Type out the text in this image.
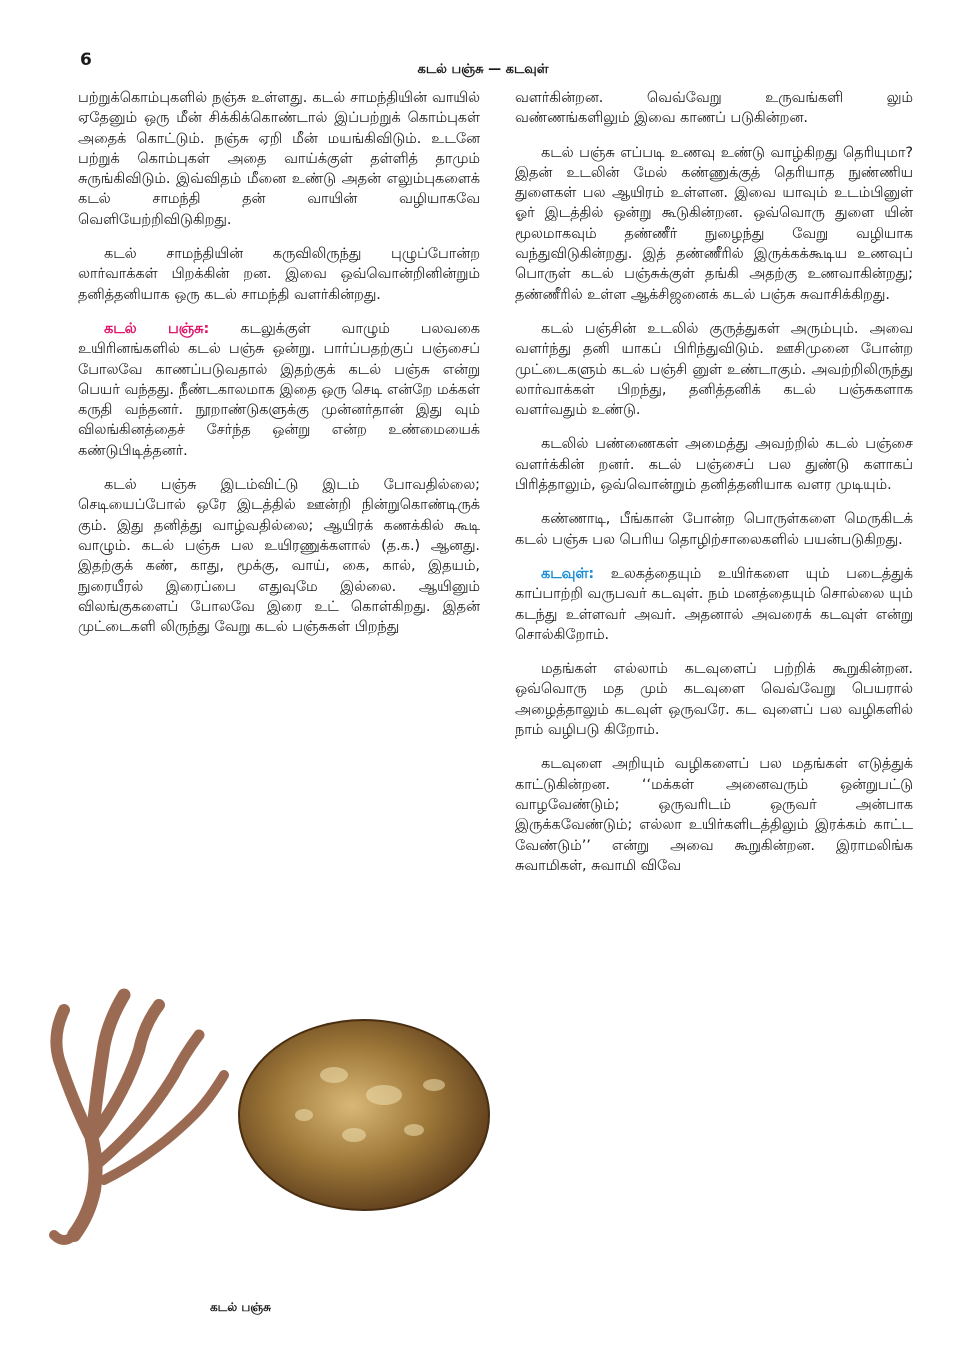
6	கடல் பஞ்சு — கடவுள்

பற்றுக்கொம்புகளில் நஞ்சு உள்ளது. கடல் சாமந்தியின் வாயில் ஏதேனும் ஒரு மீன் சிக்கிக்கொண்டால் இப்பற்றுக் கொம்புகள் அதைக் கொட்டும். நஞ்சு ஏறி மீன் மயங்கிவிடும். உடனே பற்றுக் கொம்புகள் அதை வாய்க்குள் தள்ளித் தாமும் சுருங்கிவிடும். இவ்விதம் மீனை உண்டு அதன் எலும்புகளைக் கடல் சாமந்தி தன் வாயின் வழியாகவே வெளியேற்றிவிடுகிறது.

கடல் சாமந்தியின் கருவிலிருந்து புழுப்போன்ற லார்வாக்கள் பிறக்கின் றன. இவை ஒவ்வொன்றினின்றும் தனித்தனியாக ஒரு கடல் சாமந்தி வளர்கின்றது.

கடல் பஞ்சு: கடலுக்குள் வாழும் பலவகை உயிரினங்களில் கடல் பஞ்சு ஒன்று. பார்ப்பதற்குப் பஞ்சைப் போலவே காணப்படுவதால் இதற்குக் கடல் பஞ்சு என்று பெயர் வந்தது. நீண்டகாலமாக இதை ஒரு செடி என்றே மக்கள் கருதி வந்தனர். நூறாண்டுகளுக்கு முன்னர்தான் இது வும் விலங்கினத்தைச் சேர்ந்த ஒன்று என்ற உண்மையைக் கண்டுபிடித்தனர்.

கடல் பஞ்சு இடம்விட்டு இடம் போவதில்லை; செடியைப்போல் ஒரே இடத்தில் ஊன்றி நின்றுகொண்டிருக் கும். இது தனித்து வாழ்வதில்லை; ஆயிரக் கணக்கில் கூடி வாழும். கடல் பஞ்சு பல உயிரணுக்களால் (த.க.) ஆனது. இதற்குக் கண், காது, மூக்கு, வாய், கை, கால், இதயம், நுரையீரல் இரைப்பை எதுவுமே இல்லை. ஆயினும் விலங்குகளைப் போலவே இரை உட் கொள்கிறது. இதன் முட்டைகளி லிருந்து வேறு கடல் பஞ்சுகள் பிறந்து

வளர்கின்றன. வெவ்வேறு உருவங்களி லும் வண்ணங்களிலும் இவை காணப் படுகின்றன.

கடல் பஞ்சு எப்படி உணவு உண்டு வாழ்கிறது தெரியுமா? இதன் உடலின் மேல் கண்ணுக்குத் தெரியாத நுண்ணிய துளைகள் பல ஆயிரம் உள்ளன. இவை யாவும் உடம்பினுள் ஓர் இடத்தில் ஒன்று கூடுகின்றன. ஒவ்வொரு துளை யின் மூலமாகவும் தண்ணீர் நுழைந்து வேறு வழியாக வந்துவிடுகின்றது. இத் தண்ணீரில் இருக்கக்கூடிய உணவுப் பொருள் கடல் பஞ்சுக்குள் தங்கி அதற்கு உணவாகின்றது; தண்ணீரில் உள்ள ஆக்சிஜனைக் கடல் பஞ்சு சுவாசிக்கிறது.

கடல் பஞ்சின் உடலில் குருத்துகள் அரும்பும். அவை வளர்ந்து தனி யாகப் பிரிந்துவிடும். ஊசிமுனை போன்ற முட்டைகளும் கடல் பஞ்சி னுள் உண்டாகும். அவற்றிலிருந்து லார்வாக்கள் பிறந்து, தனித்தனிக் கடல் பஞ்சுகளாக வளர்வதும் உண்டு.

கடலில் பண்ணைகள் அமைத்து அவற்றில் கடல் பஞ்சை வளர்க்கின் றனர். கடல் பஞ்சைப் பல துண்டு களாகப் பிரித்தாலும், ஒவ்வொன்றும் தனித்தனியாக வளர முடியும்.

கண்ணாடி, பீங்கான் போன்ற பொருள்களை மெருகிடக் கடல் பஞ்சு பல பெரிய தொழிற்சாலைகளில் பயன்படுகிறது.

கடவுள்: உலகத்தையும் உயிர்களை யும் படைத்துக் காப்பாற்றி வருபவர் கடவுள். நம் மனத்தையும் சொல்லை யும் கடந்து உள்ளவர் அவர். அதனால் அவரைக் கடவுள் என்று சொல்கிறோம்.

மதங்கள் எல்லாம் கடவுளைப் பற்றிக் கூறுகின்றன. ஒவ்வொரு மத மும் கடவுளை வெவ்வேறு பெயரால் அழைத்தாலும் கடவுள் ஒருவரே. கட வுளைப் பல வழிகளில் நாம் வழிபடு கிறோம்.

கடவுளை அறியும் வழிகளைப் பல மதங்கள் எடுத்துக் காட்டுகின்றன. ‘‘மக்கள் அனைவரும் ஒன்றுபட்டு வாழவேண்டும்; ஒருவரிடம் ஒருவர் அன்பாக இருக்கவேண்டும்; எல்லா உயிர்களிடத்திலும் இரக்கம் காட்ட வேண்டும்’’ என்று அவை கூறுகின்றன. இராமலிங்க சுவாமிகள், சுவாமி விவே

கடல் பஞ்சு
